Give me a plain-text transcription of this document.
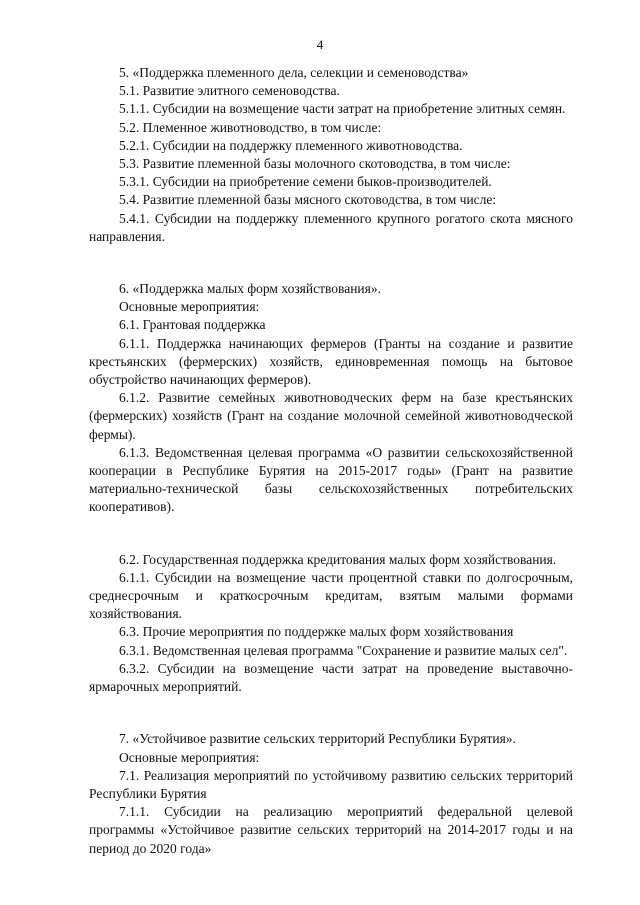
4

5. «Поддержка племенного дела, селекции и семеноводства»

5.1. Развитие элитного семеноводства.

5.1.1. Субсидии на возмещение части затрат на приобретение элитных семян.

5.2. Племенное животноводство, в том числе:

5.2.1. Субсидии на поддержку племенного животноводства.

5.3. Развитие племенной базы молочного скотоводства, в том числе:

5.3.1. Субсидии на приобретение семени быков-производителей.

5.4. Развитие племенной базы мясного скотоводства, в том числе:

5.4.1. Субсидии на поддержку племенного крупного рогатого скота мясного направления.

6. «Поддержка малых форм хозяйствования».

Основные мероприятия:

6.1. Грантовая поддержка

6.1.1. Поддержка начинающих фермеров (Гранты на создание и развитие крестьянских (фермерских) хозяйств, единовременная помощь на бытовое обустройство начинающих фермеров).

6.1.2. Развитие семейных животноводческих ферм на базе крестьянских (фермерских) хозяйств (Грант на создание молочной семейной животноводческой фермы).

6.1.3. Ведомственная целевая программа «О развитии сельскохозяйственной кооперации в Республике Бурятия на 2015-2017 годы» (Грант на развитие материально-технической базы сельскохозяйственных потребительских кооперативов).

6.2. Государственная поддержка кредитования малых форм хозяйствования.

6.1.1. Субсидии на возмещение части процентной ставки по долгосрочным, среднесрочным и краткосрочным кредитам, взятым малыми формами хозяйствования.

6.3. Прочие мероприятия по поддержке малых форм хозяйствования

6.3.1. Ведомственная целевая программа "Сохранение и развитие малых сел".

6.3.2. Субсидии на возмещение части затрат на проведение выставочно-ярмарочных мероприятий.

7. «Устойчивое развитие сельских территорий Республики Бурятия».

Основные мероприятия:

7.1. Реализация мероприятий по устойчивому развитию сельских территорий Республики Бурятия

7.1.1. Субсидии на реализацию мероприятий федеральной целевой программы «Устойчивое развитие сельских территорий на 2014-2017 годы и на период до 2020 года»
